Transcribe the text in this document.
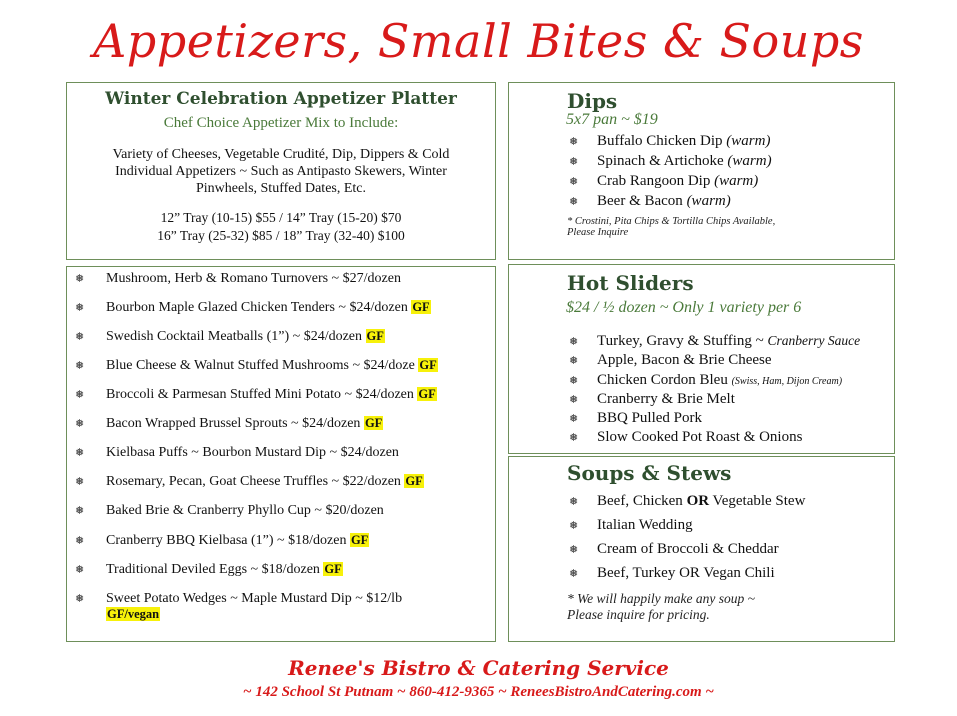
Appetizers, Small Bites & Soups
Winter Celebration Appetizer Platter
Chef Choice Appetizer Mix to Include:
Variety of Cheeses, Vegetable Crudité, Dip, Dippers & Cold Individual Appetizers ~ Such as Antipasto Skewers, Winter Pinwheels, Stuffed Dates, Etc.
12” Tray (10-15) $55 / 14” Tray (15-20) $70
16” Tray (25-32) $85 / 18” Tray (32-40) $100
❅ Mushroom, Herb & Romano Turnovers ~ $27/dozen
❅ Bourbon Maple Glazed Chicken Tenders ~ $24/dozen GF
❅ Swedish Cocktail Meatballs (1”) ~ $24/dozen GF
❅ Blue Cheese & Walnut Stuffed Mushrooms ~ $24/doze GF
❅ Broccoli & Parmesan Stuffed Mini Potato ~ $24/dozen GF
❅ Bacon Wrapped Brussel Sprouts ~ $24/dozen GF
❅ Kielbasa Puffs ~ Bourbon Mustard Dip ~ $24/dozen
❅ Rosemary, Pecan, Goat Cheese Truffles ~ $22/dozen GF
❅ Baked Brie & Cranberry Phyllo Cup ~ $20/dozen
❅ Cranberry BBQ Kielbasa (1”) ~ $18/dozen GF
❅ Traditional Deviled Eggs ~ $18/dozen GF
❅ Sweet Potato Wedges ~ Maple Mustard Dip ~ $12/lb
GF/vegan
Dips
5x7 pan ~ $19
❅ Buffalo Chicken Dip (warm)
❅ Spinach & Artichoke (warm)
❅ Crab Rangoon Dip (warm)
❅ Beer & Bacon (warm)
* Crostini, Pita Chips & Tortilla Chips Available,
Please Inquire
Hot Sliders
$24 / ½ dozen ~ Only 1 variety per 6
❅ Turkey, Gravy & Stuffing ~ Cranberry Sauce
❅ Apple, Bacon & Brie Cheese
❅ Chicken Cordon Bleu (Swiss, Ham, Dijon Cream)
❅ Cranberry & Brie Melt
❅ BBQ Pulled Pork
❅ Slow Cooked Pot Roast & Onions
Soups & Stews
❅ Beef, Chicken OR Vegetable Stew
❅ Italian Wedding
❅ Cream of Broccoli & Cheddar
❅ Beef, Turkey OR Vegan Chili
* We will happily make any soup ~
Please inquire for pricing.
Renee's Bistro & Catering Service
~ 142 School St Putnam ~ 860-412-9365 ~ ReneesBistroAndCatering.com ~
